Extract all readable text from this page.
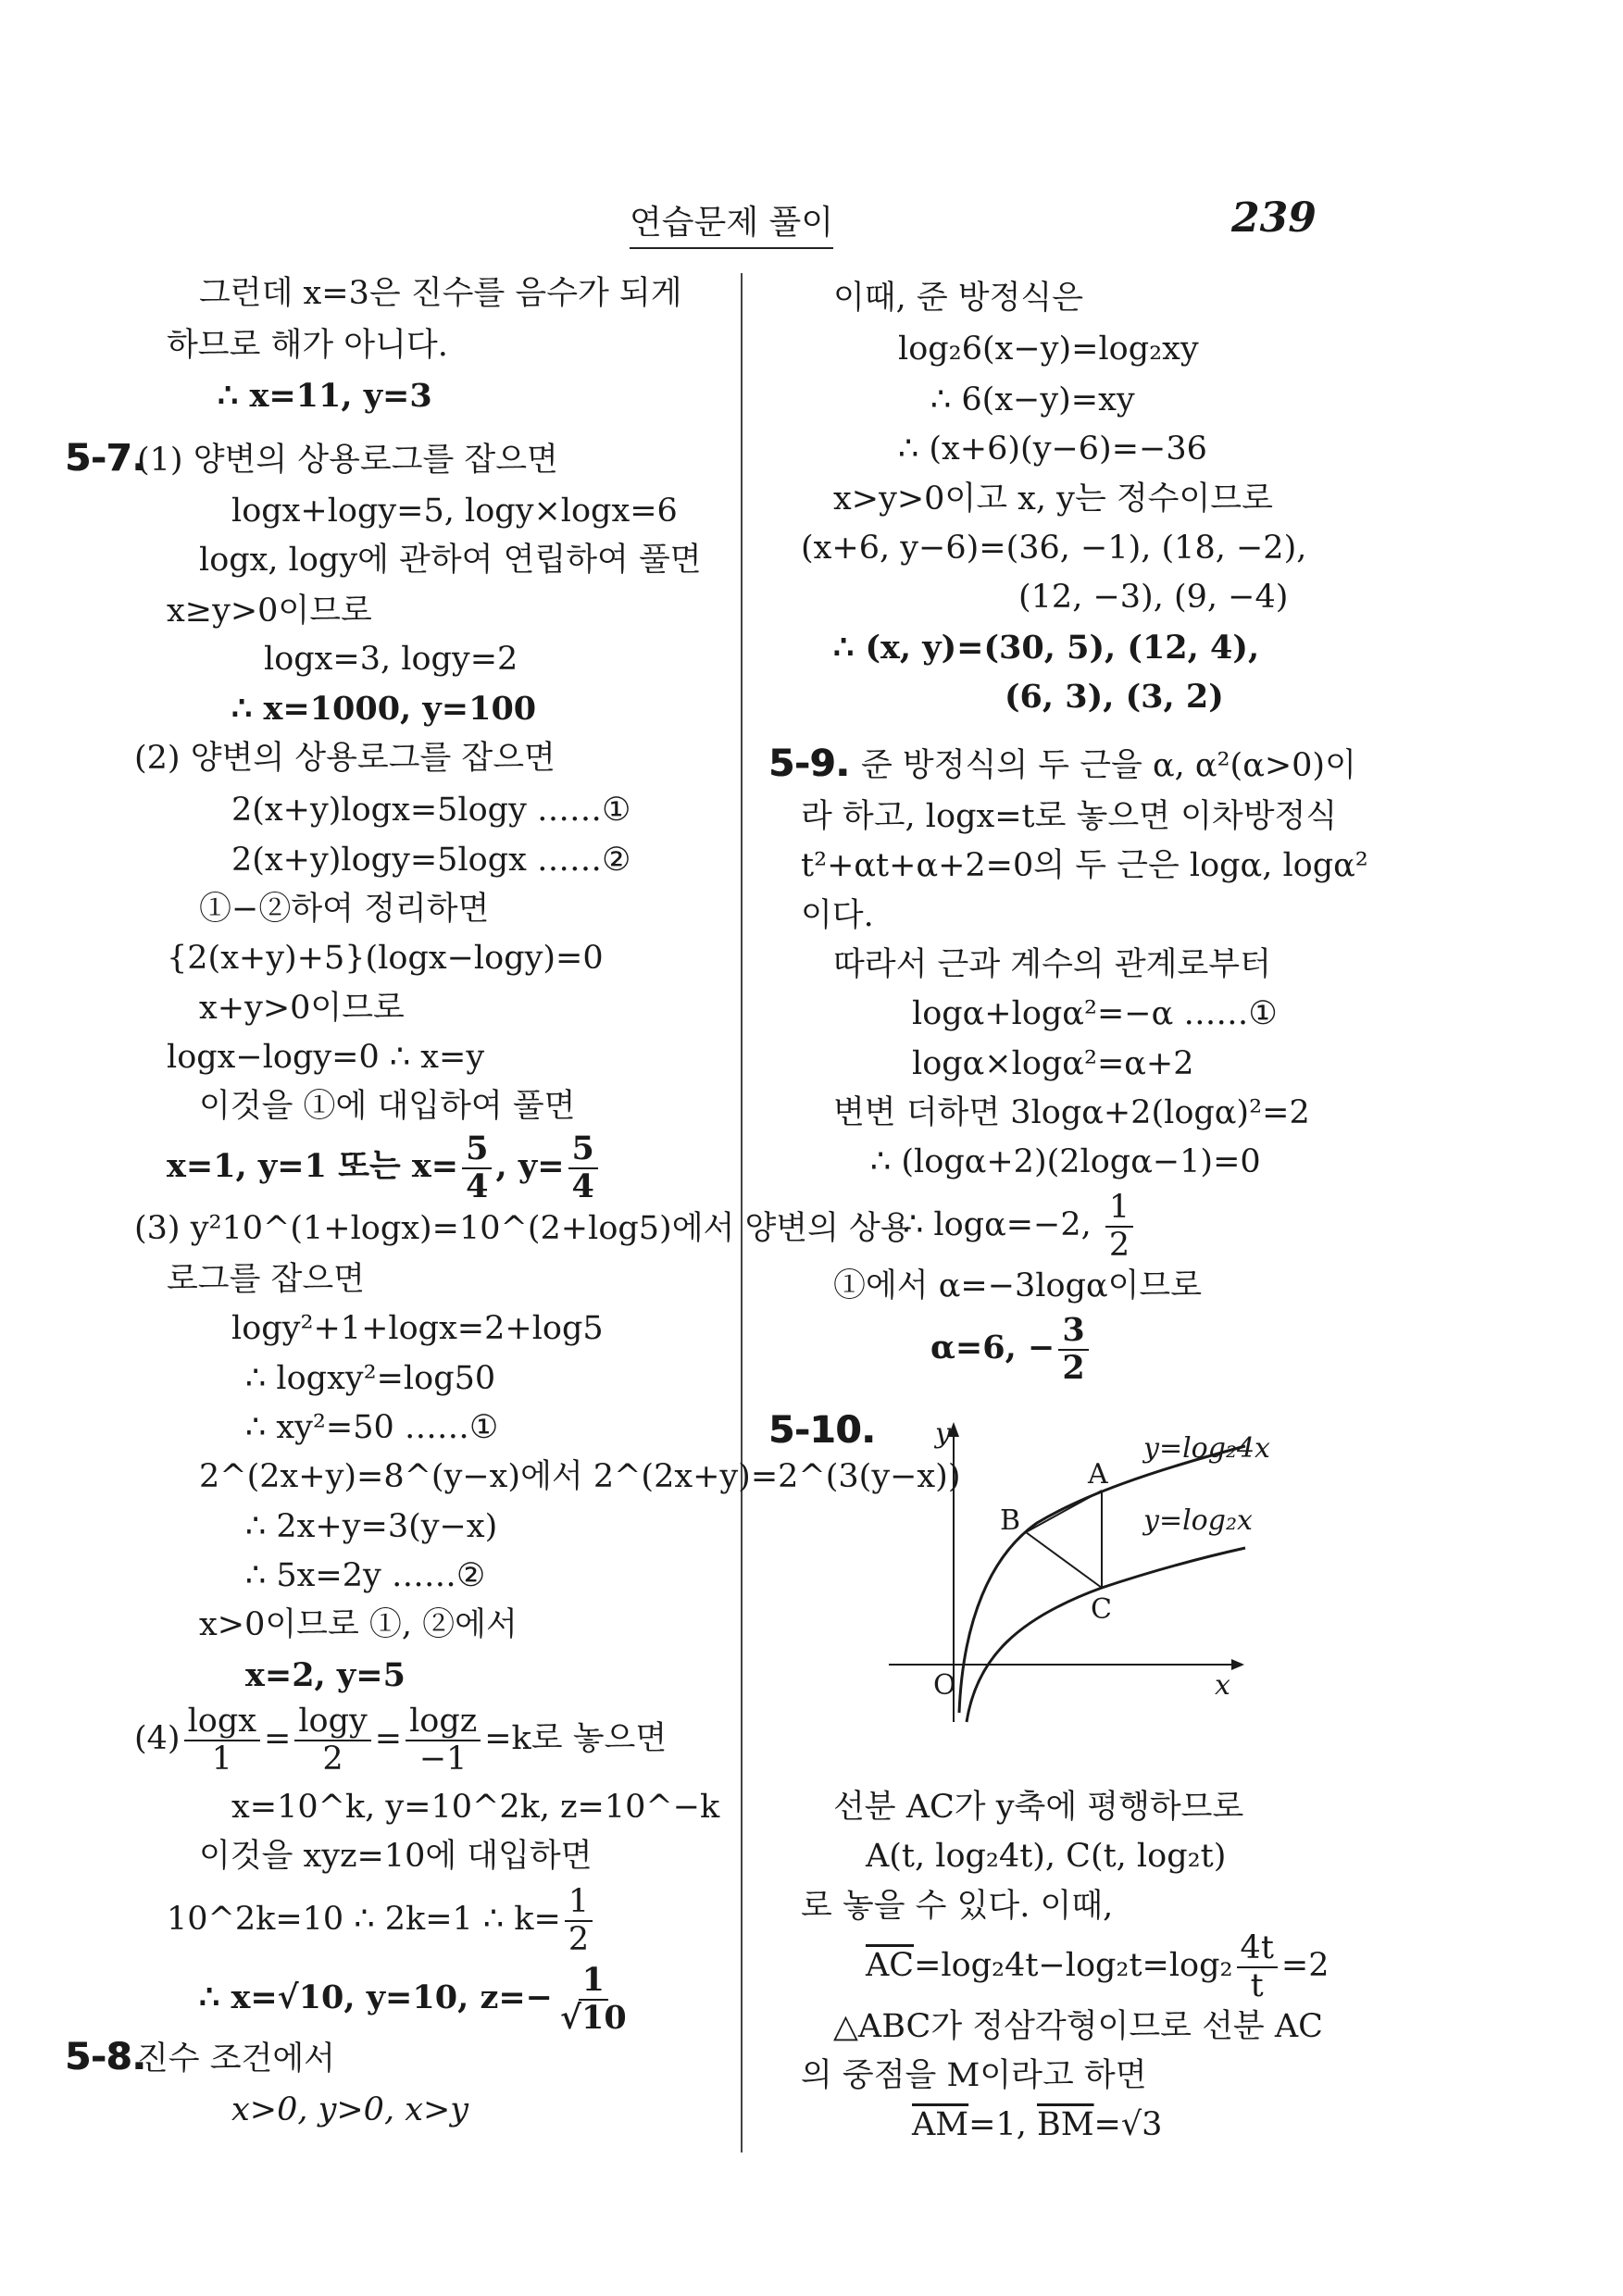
연습문제 풀이	239
그런데 x=3은 진수를 음수가 되게
하므로 해가 아니다.
∴ x=11, y=3
5-7.
(1) 양변의 상용로그를 잡으면
logx+logy=5, logy×logx=6
logx, logy에 관하여 연립하여 풀면
x≥y>0이므로
logx=3, logy=2
∴ x=1000, y=100
(2) 양변의 상용로그를 잡으면
2(x+y)logx=5logy ……①
2(x+y)logy=5logx ……②
①−②하여 정리하면
{2(x+y)+5}(logx−logy)=0
x+y>0이므로
logx−logy=0 ∴ x=y
이것을 ①에 대입하여 풀면
x=1, y=1 또는 $x= \frac{5}{4}$ , $y= \frac{5}{4}$
(3) y²10^(1+logx)=10^(2+log5)에서 양변의 상용
로그를 잡으면
logy²+1+logx=2+log5
∴ logxy²=log50
∴ xy²=50 ……①
2^(2x+y)=8^(y−x)에서 2^(2x+y)=2^(3(y−x))
∴ 2x+y=3(y−x)
∴ 5x=2y ……②
x>0이므로 ①, ②에서
x=2, y=5
$(4) \frac{\log x}{1} = \frac{\log y}{2} = \frac{\log z}{-1} =k$로 놓으면
x=10^k, y=10^2k, z=10^−k
이것을 xyz=10에 대입하면
10^2k=10 ∴ 2k=1 ∴ $k= \frac{1}{2}$
∴ x=√10, y=10, $z=- \frac{1}{√10}$
5-8.
진수 조건에서
x>0, y>0, x>y
이때, 준 방정식은
log₂6(x−y)=log₂xy
∴ 6(x−y)=xy
∴ (x+6)(y−6)=−36
x>y>0이고 x, y는 정수이므로
(x+6, y−6)=(36, −1), (18, −2),
(12, −3), (9, −4)
∴ (x, y)=(30, 5), (12, 4),
(6, 3), (3, 2)
5-9. 준 방정식의 두 근을 α, α²(α>0)이
라 하고, logx=t로 놓으면 이차방정식
t²+αt+α+2=0의 두 근은 logα, logα²
이다.
따라서 근과 계수의 관계로부터
logα+logα²=−α ……①
logα×logα²=α+2
변변 더하면 3logα+2(logα)²=2
∴ (logα+2)(2logα−1)=0
∴ logα=−2, $\frac{1}{2}$
①에서 α=−3logα이므로
α=6, − $\frac{3}{2}$
5-10. y
x
O
A
B
C
y=log₂4x
y=log₂x
선분 AC가 y축에 평행하므로
A(t, log₂4t), C(t, log₂t)
로 놓을 수 있다. 이때,
$\overline{AC}=\log_24t-\log_2t=\log_2 \frac{4t}{t} =2$
△ABC가 정삼각형이므로 선분 AC
의 중점을 M이라고 하면
$\overline{AM}=1$, $\overline{BM}=√3$
